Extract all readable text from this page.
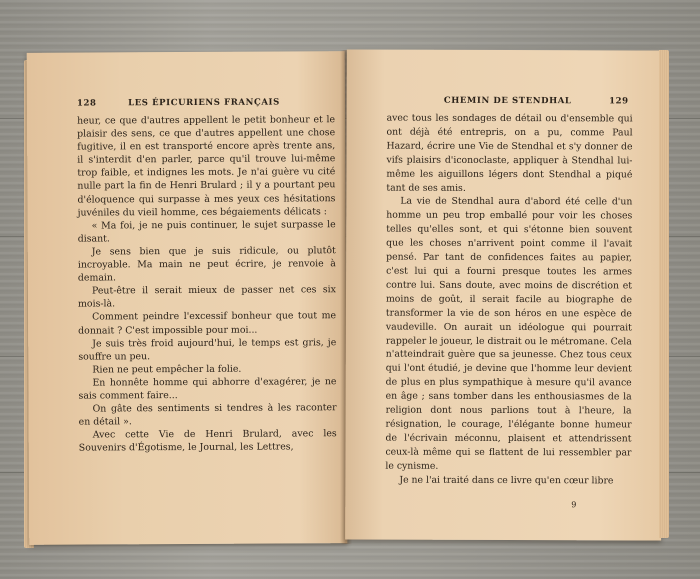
128	LES ÉPICURIENS FRANÇAIS

heur, ce que d'autres appellent le petit bonheur et le plaisir des sens, ce que d'autres appellent une chose fugitive, il en est transporté encore après trente ans, il s'interdit d'en parler, parce qu'il trouve lui-même trop faible, et indignes les mots. Je n'ai guère vu cité nulle part la fin de Henri Brulard ; il y a pourtant peu d'éloquence qui surpasse à mes yeux ces hésitations juvéniles du vieil homme, ces bégaiements délicats :

« Ma foi, je ne puis continuer, le sujet surpasse le disant.

Je sens bien que je suis ridicule, ou plutôt incroyable. Ma main ne peut écrire, je renvoie à demain.

Peut-être il serait mieux de passer net ces six mois-là.

Comment peindre l'excessif bonheur que tout me donnait ? C'est impossible pour moi...

Je suis très froid aujourd'hui, le temps est gris, je souffre un peu.

Rien ne peut empêcher la folie.

En honnête homme qui abhorre d'exagérer, je ne sais comment faire...

On gâte des sentiments si tendres à les raconter en détail ».

Avec cette Vie de Henri Brulard, avec les Souvenirs d'Égotisme, le Journal, les Lettres,

CHEMIN DE STENDHAL	129

avec tous les sondages de détail ou d'ensemble qui ont déjà été entrepris, on a pu, comme Paul Hazard, écrire une Vie de Stendhal et s'y donner de vifs plaisirs d'iconoclaste, appliquer à Stendhal lui-même les aiguillons légers dont Stendhal a piqué tant de ses amis.

La vie de Stendhal aura d'abord été celle d'un homme un peu trop emballé pour voir les choses telles qu'elles sont, et qui s'étonne bien souvent que les choses n'arrivent point comme il l'avait pensé. Par tant de confidences faites au papier, c'est lui qui a fourni presque toutes les armes contre lui. Sans doute, avec moins de discrétion et moins de goût, il serait facile au biographe de transformer la vie de son héros en une espèce de vaudeville. On aurait un idéologue qui pourrait rappeler le joueur, le distrait ou le métromane. Cela n'atteindrait guère que sa jeunesse. Chez tous ceux qui l'ont étudié, je devine que l'homme leur devient de plus en plus sympathique à mesure qu'il avance en âge ; sans tomber dans les enthousiasmes de la religion dont nous parlions tout à l'heure, la résignation, le courage, l'élégante bonne humeur de l'écrivain méconnu, plaisent et attendrissent ceux-là même qui se flattent de lui ressembler par le cynisme.

Je ne l'ai traité dans ce livre qu'en cœur libre

9
